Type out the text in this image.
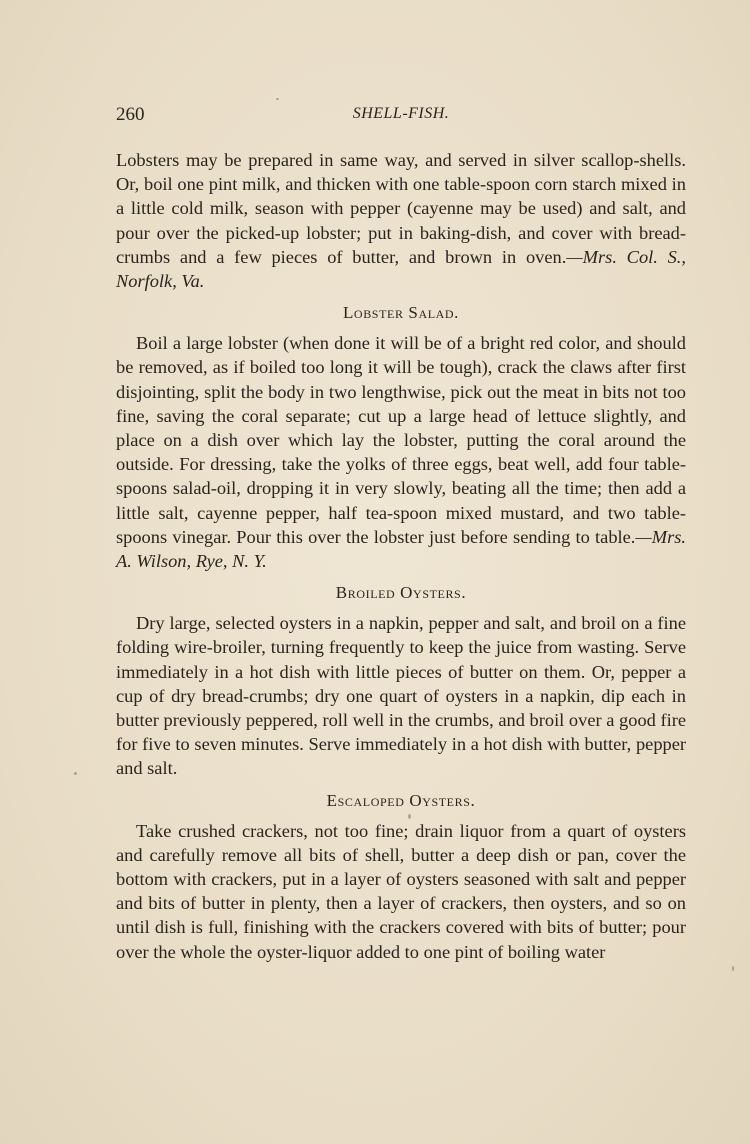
260	SHELL-FISH.

Lobsters may be prepared in same way, and served in silver scallop-shells. Or, boil one pint milk, and thicken with one table-spoon corn starch mixed in a little cold milk, season with pepper (cayenne may be used) and salt, and pour over the picked-up lobster; put in baking-dish, and cover with bread-crumbs and a few pieces of butter, and brown in oven.—Mrs. Col. S., Norfolk, Va.

Lobster Salad.

Boil a large lobster (when done it will be of a bright red color, and should be removed, as if boiled too long it will be tough), crack the claws after first disjointing, split the body in two lengthwise, pick out the meat in bits not too fine, saving the coral separate; cut up a large head of lettuce slightly, and place on a dish over which lay the lobster, putting the coral around the outside. For dressing, take the yolks of three eggs, beat well, add four table-spoons salad-oil, dropping it in very slowly, beating all the time; then add a little salt, cayenne pepper, half tea-spoon mixed mustard, and two table-spoons vinegar. Pour this over the lobster just before sending to table.—Mrs. A. Wilson, Rye, N. Y.

Broiled Oysters.

Dry large, selected oysters in a napkin, pepper and salt, and broil on a fine folding wire-broiler, turning frequently to keep the juice from wasting. Serve immediately in a hot dish with little pieces of butter on them. Or, pepper a cup of dry bread-crumbs; dry one quart of oysters in a napkin, dip each in butter previously peppered, roll well in the crumbs, and broil over a good fire for five to seven minutes. Serve immediately in a hot dish with butter, pepper and salt.

Escaloped Oysters.

Take crushed crackers, not too fine; drain liquor from a quart of oysters and carefully remove all bits of shell, butter a deep dish or pan, cover the bottom with crackers, put in a layer of oysters seasoned with salt and pepper and bits of butter in plenty, then a layer of crackers, then oysters, and so on until dish is full, finishing with the crackers covered with bits of butter; pour over the whole the oyster-liquor added to one pint of boiling water
